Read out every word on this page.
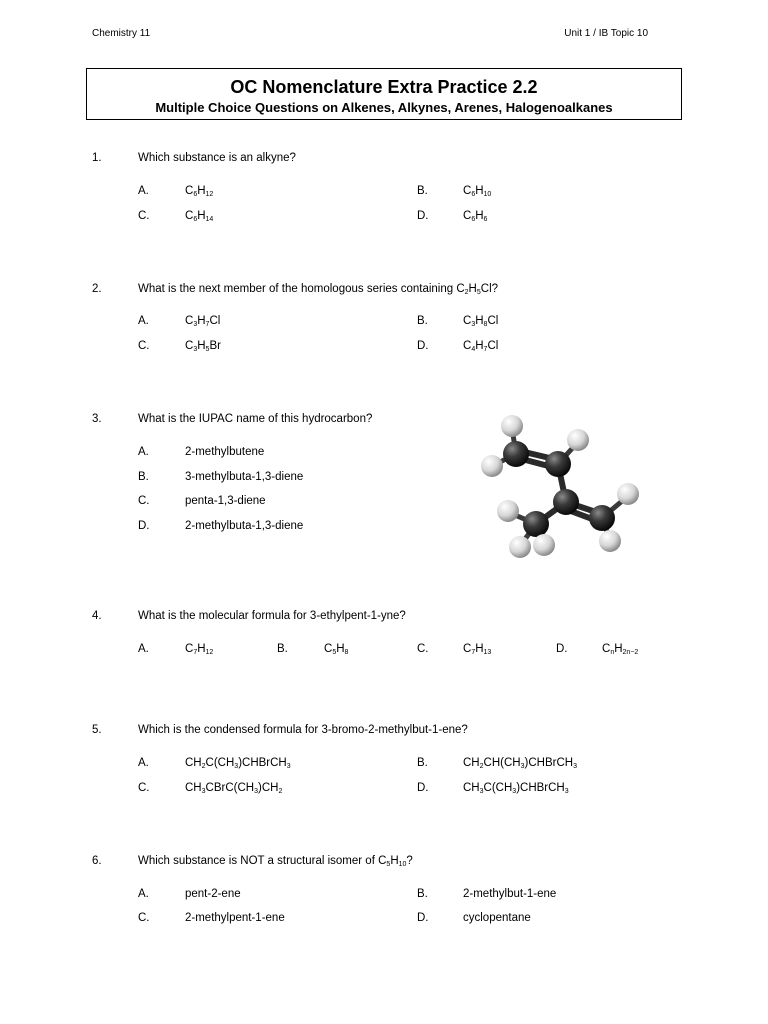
Chemistry 11	Unit 1 / IB Topic 10
OC Nomenclature Extra Practice 2.2
Multiple Choice Questions on Alkenes, Alkynes, Arenes, Halogenoalkanes
1.	Which substance is an alkyne?
A.	$C_6H_{12}$	B.	$C_6H_{10}$
C.	$C_6H_{14}$	D.	$C_6H_6$
2.	What is the next member of the homologous series containing $C_2H_5Cl$?
A.	$C_3H_7Cl$	B.	$C_3H_8Cl$
C.	$C_3H_5Br$	D.	$C_4H_7Cl$
3.	What is the IUPAC name of this hydrocarbon?
A.	2-methylbutene
B.	3-methylbuta-1,3-diene
C.	penta-1,3-diene
D.	2-methylbuta-1,3-diene
4.	What is the molecular formula for 3-ethylpent-1-yne?
A.	$C_7H_{12}$	B.	$C_5H_8$	C.	$C_7H_{13}$	D.	$C_nH_{2n-2}$
5.	Which is the condensed formula for 3-bromo-2-methylbut-1-ene?
A.	$CH_2C(CH_3)CHBrCH_3$	B.	$CH_2CH(CH_3)CHBrCH_3$
C.	$CH_3CBrC(CH_3)CH_2$	D.	$CH_3C(CH_3)CHBrCH_3$
6.	Which substance is NOT a structural isomer of $C_5H_{10}$?
A.	pent-2-ene	B.	2-methylbut-1-ene
C.	2-methylpent-1-ene	D.	cyclopentane
